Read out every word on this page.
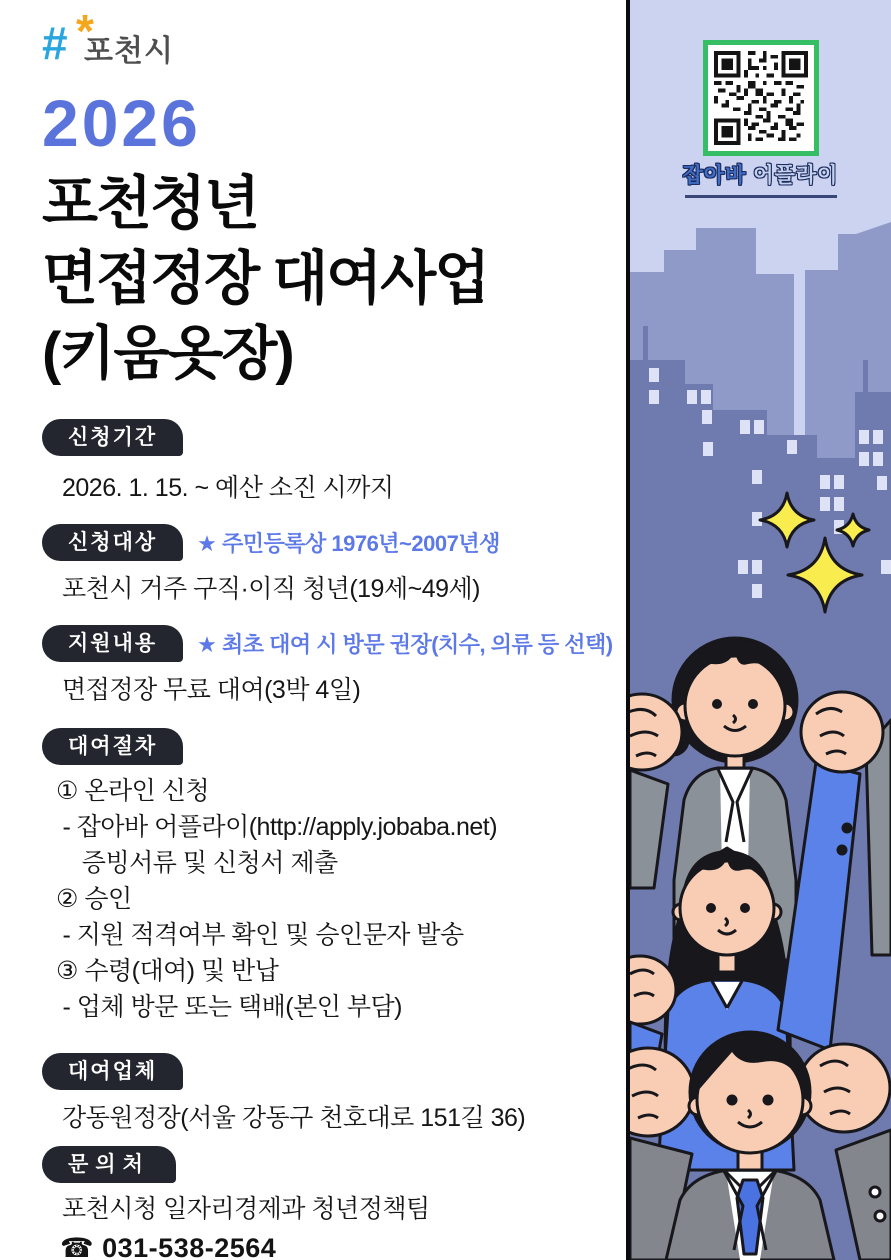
# *
포천시
2026
포천청년
면접정장 대여사업
(키움옷장)
신청기간
2026. 1. 15. ~ 예산 소진 시까지
신청대상	★ 주민등록상 1976년~2007년생
포천시 거주 구직·이직 청년(19세~49세)
지원내용	★ 최초 대여 시 방문 권장(치수, 의류 등 선택)
면접정장 무료 대여(3박 4일)
대여절차
① 온라인 신청
- 잡아바 어플라이(http://apply.jobaba.net)
증빙서류 및 신청서 제출
② 승인
- 지원 적격여부 확인 및 승인문자 발송
③ 수령(대여) 및 반납
- 업체 방문 또는 택배(본인 부담)
대여업체
강동원정장(서울 강동구 천호대로 151길 36)
문의처
포천시청 일자리경제과 청년정책팀
☎ 031-538-2564
잡아바 어플라이
